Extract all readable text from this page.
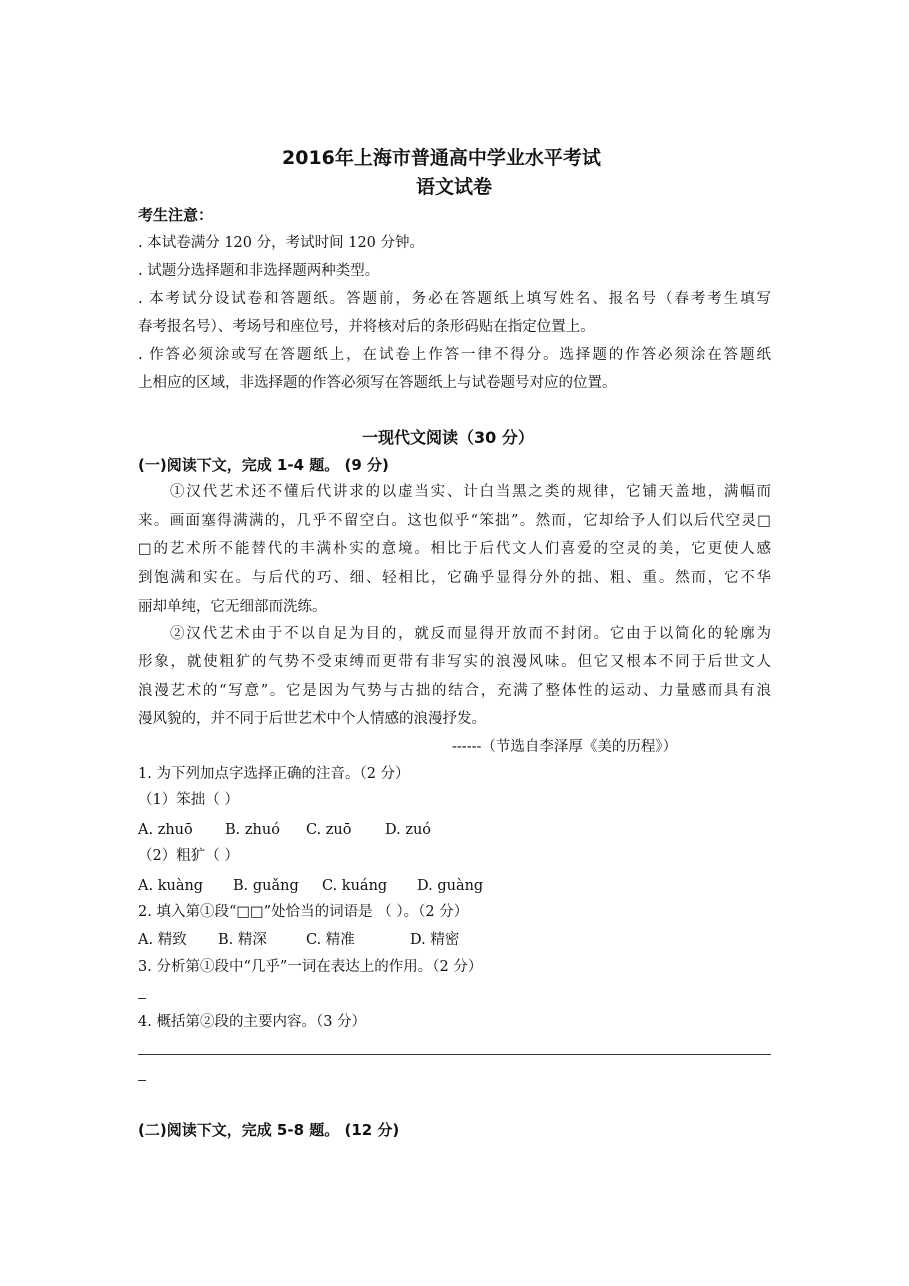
2016年上海市普通高中学业水平考试
语文试卷
考生注意：
. 本试卷满分 120 分，考试时间 120 分钟。
. 试题分选择题和非选择题两种类型。
. 本考试分设试卷和答题纸。答题前，务必在答题纸上填写姓名、报名号（春考考生填写
春考报名号）、考场号和座位号，并将核对后的条形码贴在指定位置上。
. 作答必须涂或写在答题纸上，在试卷上作答一律不得分。选择题的作答必须涂在答题纸
上相应的区域，非选择题的作答必须写在答题纸上与试卷题号对应的位置。
一现代文阅读（30 分）
(一)阅读下文，完成 1-4 题。 (9 分)
①汉代艺术还不懂后代讲求的以虚当实、计白当黑之类的规律，它铺天盖地，满幅而
来。画面塞得满满的，几乎不留空白。这也似乎“笨拙”。然而，它却给予人们以后代空灵□
□的艺术所不能替代的丰满朴实的意境。相比于后代文人们喜爱的空灵的美，它更使人感
到饱满和实在。与后代的巧、细、轻相比，它确乎显得分外的拙、粗、重。然而，它不华
丽却单纯，它无细部而洗练。
②汉代艺术由于不以自足为目的，就反而显得开放而不封闭。它由于以简化的轮廓为
形象，就使粗犷的气势不受束缚而更带有非写实的浪漫风味。但它又根本不同于后世文人
浪漫艺术的“写意”。它是因为气势与古拙的结合，充满了整体性的运动、力量感而具有浪
漫风貌的，并不同于后世艺术中个人情感的浪漫抒发。
------（节选自李泽厚《美的历程》）
1. 为下列加点字选择正确的注音。（2 分）
（1）笨拙（ ）
A. zhuō B. zhuó C. zuō D. zuó
（2）粗犷（ ）
A. kuàng B. guǎng C. kuáng D. guàng
2. 填入第①段“□□”处恰当的词语是 （ ）。（2 分）
A. 精致 B. 精深	C. 精准	D. 精密
3. 分析第①段中“几乎”一词在表达上的作用。（2 分）
4. 概括第②段的主要内容。（3 分）
(二)阅读下文，完成 5-8 题。 (12 分)
